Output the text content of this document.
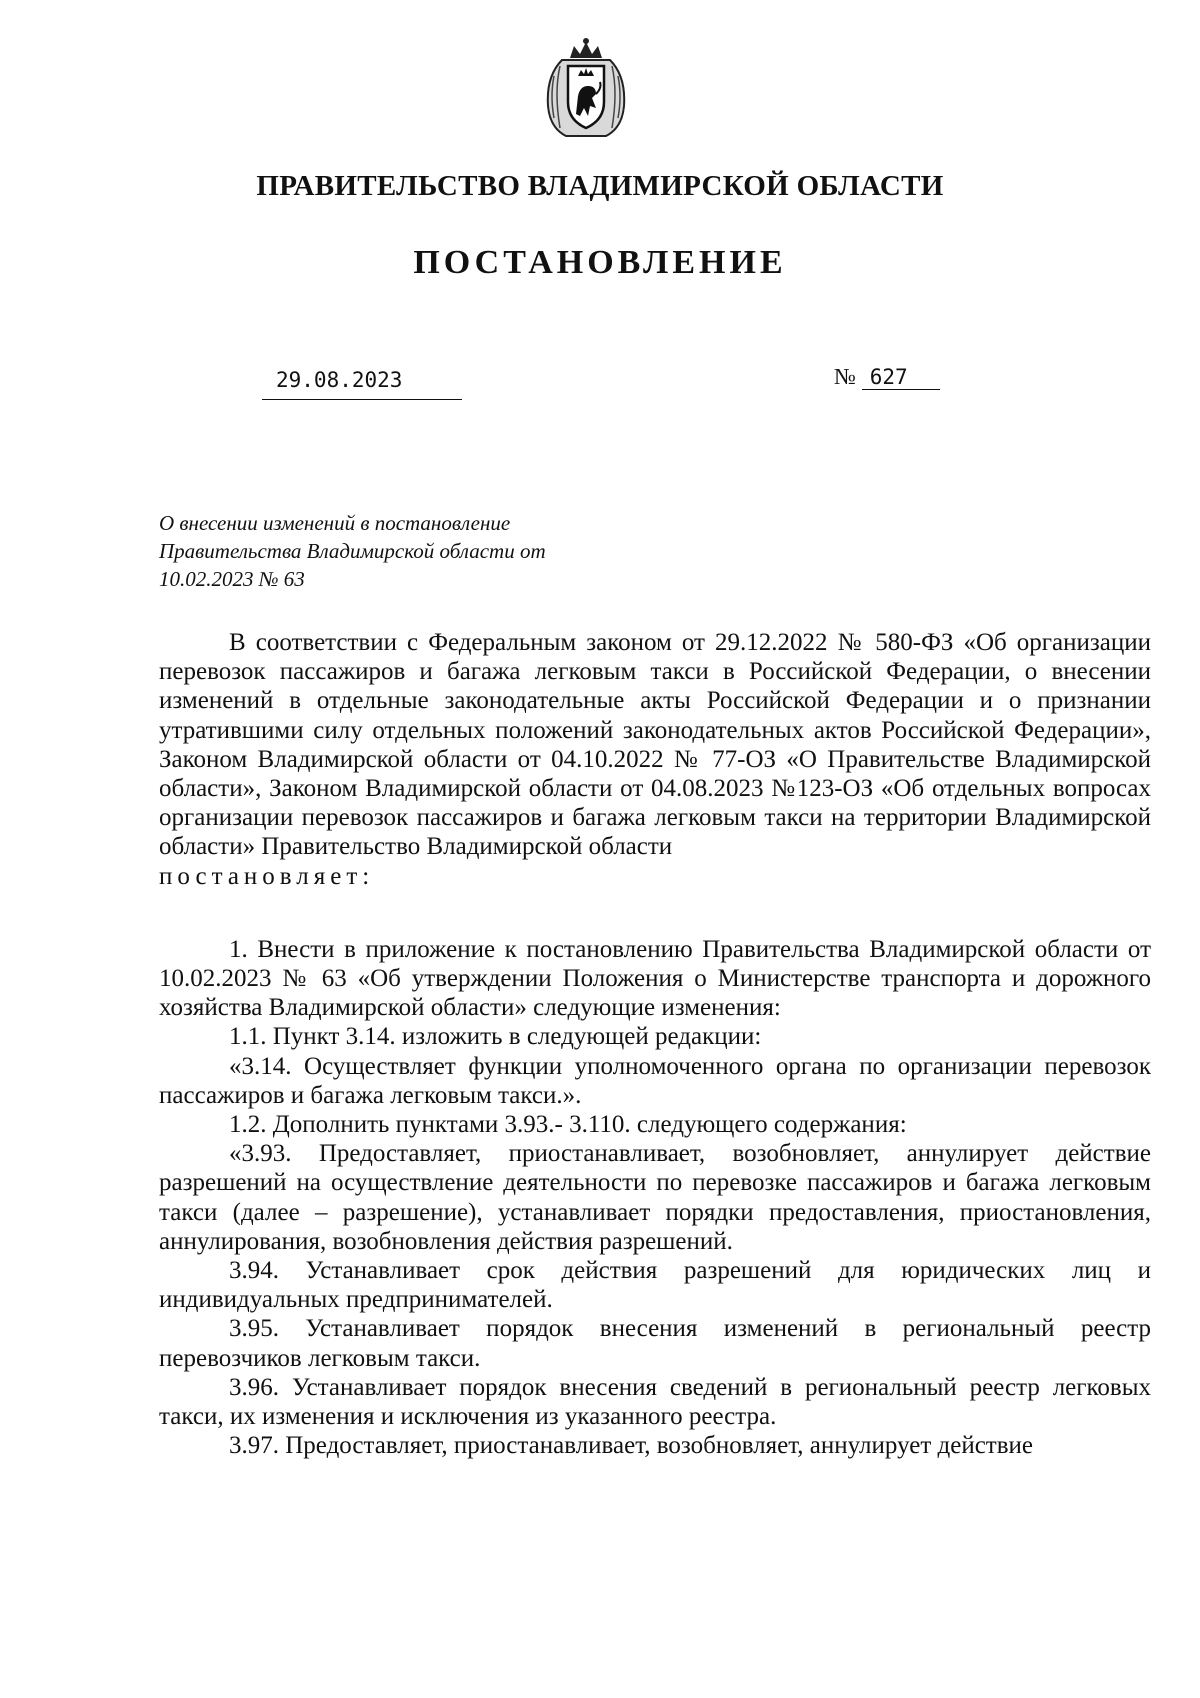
ПРАВИТЕЛЬСТВО ВЛАДИМИРСКОЙ ОБЛАСТИ
ПОСТАНОВЛЕНИЕ
29.08.2023	№ 627
О внесении изменений в постановление
Правительства Владимирской области от
10.02.2023 № 63

В соответствии с Федеральным законом от 29.12.2022 № 580-ФЗ «Об организации перевозок пассажиров и багажа легковым такси в Российской Федерации, о внесении изменений в отдельные законодательные акты Российской Федерации и о признании утратившими силу отдельных положений законодательных актов Российской Федерации», Законом Владимирской области от 04.10.2022 № 77-ОЗ «О Правительстве Владимирской области», Законом Владимирской области от 04.08.2023 №123-ОЗ «Об отдельных вопросах организации перевозок пассажиров и багажа легковым такси на территории Владимирской области» Правительство Владимирской области

постановляет:

1. Внести в приложение к постановлению Правительства Владимирской области от 10.02.2023 № 63 «Об утверждении Положения о Министерстве транспорта и дорожного хозяйства Владимирской области» следующие изменения:

1.1. Пункт 3.14. изложить в следующей редакции:

«3.14. Осуществляет функции уполномоченного органа по организации перевозок пассажиров и багажа легковым такси.».

1.2. Дополнить пунктами 3.93.- 3.110. следующего содержания:

«3.93. Предоставляет, приостанавливает, возобновляет, аннулирует действие разрешений на осуществление деятельности по перевозке пассажиров и багажа легковым такси (далее – разрешение), устанавливает порядки предоставления, приостановления, аннулирования, возобновления действия разрешений.

3.94. Устанавливает срок действия разрешений для юридических лиц и индивидуальных предпринимателей.

3.95. Устанавливает порядок внесения изменений в региональный реестр перевозчиков легковым такси.

3.96. Устанавливает порядок внесения сведений в региональный реестр легковых такси, их изменения и исключения из указанного реестра.

3.97. Предоставляет, приостанавливает, возобновляет, аннулирует действие
